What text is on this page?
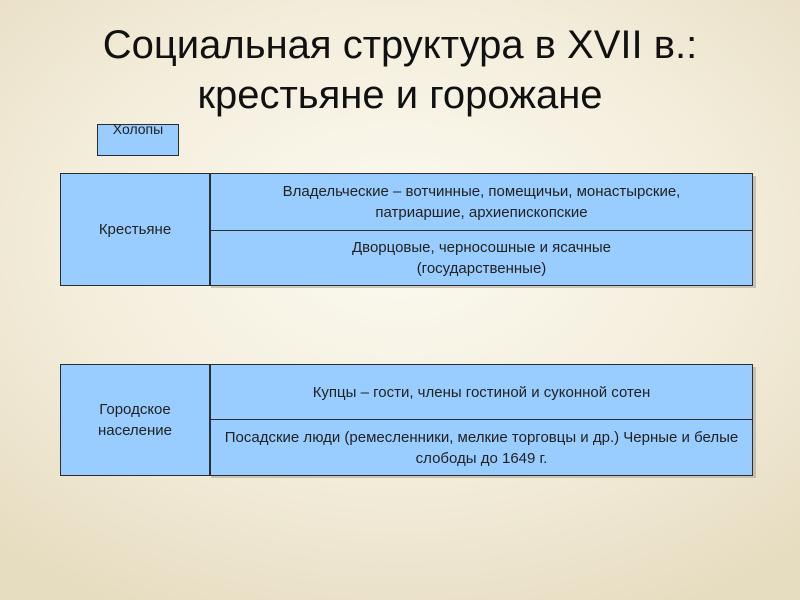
Социальная структура в XVII в.:
крестьяне и горожане
Холопы
Крестьяне
Владельческие – вотчинные, помещичьи, монастырские, патриаршие, архиепископские
Дворцовые, черносошные и ясачные (государственные)
Городское население
Купцы – гости, члены гостиной и суконной сотен
Посадские люди (ремесленники, мелкие торговцы и др.) Черные и белые слободы до 1649 г.
